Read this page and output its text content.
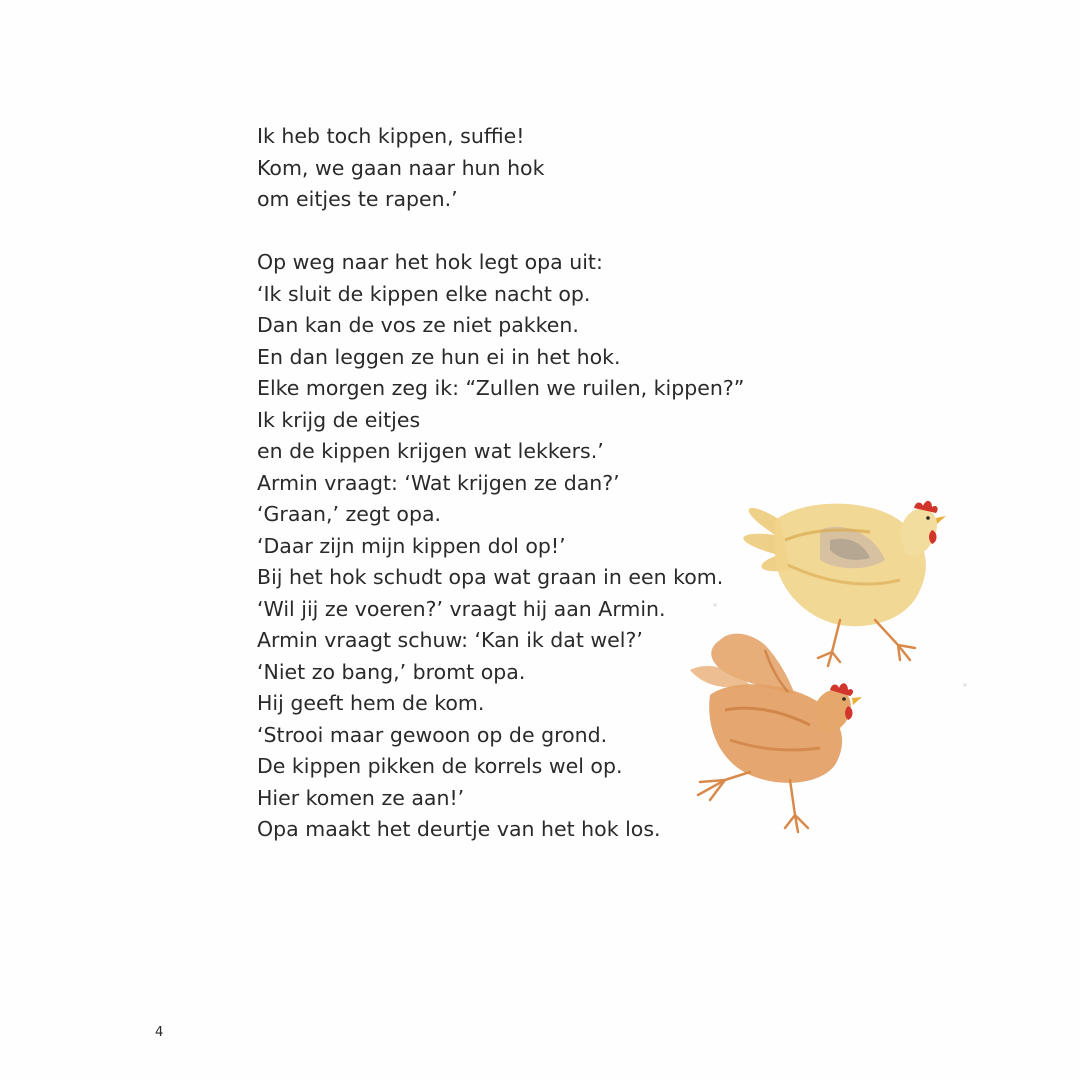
Ik heb toch kippen, suffie!
Kom, we gaan naar hun hok
om eitjes te rapen.’

Op weg naar het hok legt opa uit:
‘Ik sluit de kippen elke nacht op.
Dan kan de vos ze niet pakken.
En dan leggen ze hun ei in het hok.
Elke morgen zeg ik: “Zullen we ruilen, kippen?”
Ik krijg de eitjes
en de kippen krijgen wat lekkers.’
Armin vraagt: ‘Wat krijgen ze dan?’
‘Graan,’ zegt opa.
‘Daar zijn mijn kippen dol op!’
Bij het hok schudt opa wat graan in een kom.
‘Wil jij ze voeren?’ vraagt hij aan Armin.
Armin vraagt schuw: ‘Kan ik dat wel?’
‘Niet zo bang,’ bromt opa.
Hij geeft hem de kom.
‘Strooi maar gewoon op de grond.
De kippen pikken de korrels wel op.
Hier komen ze aan!’
Opa maakt het deurtje van het hok los.

4
